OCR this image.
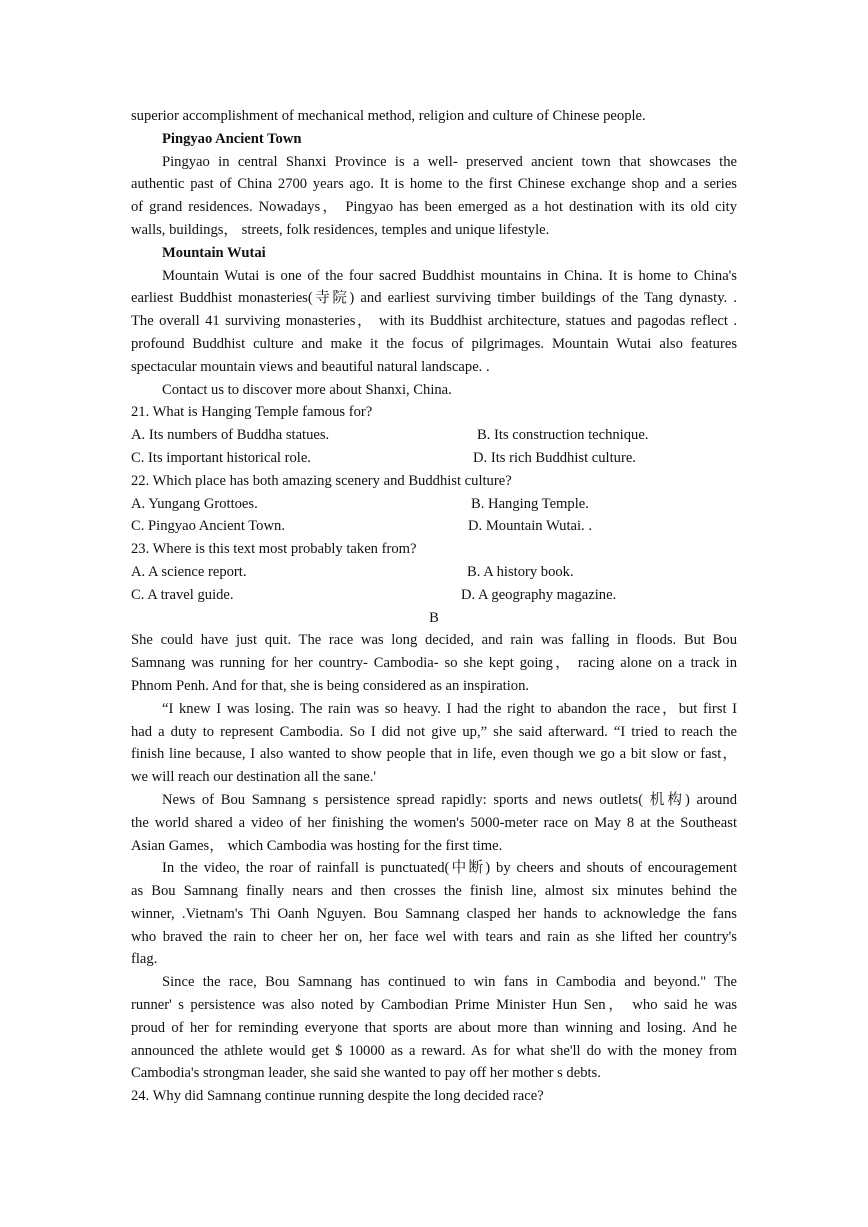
superior accomplishment of mechanical method, religion and culture of Chinese people.
Pingyao Ancient Town
Pingyao in central Shanxi Province is a well- preserved ancient town that showcases the
authentic past of China 2700 years ago. It is home to the first Chinese exchange shop and a series
of grand residences. Nowadays， Pingyao has been emerged as a hot destination with its old city
walls, buildings， streets, folk residences, temples and unique lifestyle.
Mountain Wutai
Mountain Wutai is one of the four sacred Buddhist mountains in China. It is home to China's
earliest Buddhist monasteries(寺院) and earliest surviving timber buildings of the Tang dynasty. .
The overall 41 surviving monasteries， with its Buddhist architecture, statues and pagodas reflect .
profound Buddhist culture and make it the focus of pilgrimages. Mountain Wutai also features
spectacular mountain views and beautiful natural landscape. .
Contact us to discover more about Shanxi, China.
21. What is Hanging Temple famous for?
A. Its numbers of Buddha statues.	B. Its construction technique.
C. Its important historical role.	D. Its rich Buddhist culture.
22. Which place has both amazing scenery and Buddhist culture?
A. Yungang Grottoes.	B. Hanging Temple.
C. Pingyao Ancient Town.	D. Mountain Wutai. .
23. Where is this text most probably taken from?
A. A science report.	B. A history book.
C. A travel guide.	D. A geography magazine.
B
She could have just quit. The race was long decided, and rain was falling in floods. But Bou
Samnang was running for her country- Cambodia- so she kept going， racing alone on a track in
Phnom Penh. And for that, she is being considered as an inspiration.
“I knew I was losing. The rain was so heavy. I had the right to abandon the race，but first I
had a duty to represent Cambodia. So I did not give up,” she said afterward. “I tried to reach the
finish line because, I also wanted to show people that in life, even though we go a bit slow or fast，
we will reach our destination all the sane.'
News of Bou Samnang s persistence spread rapidly: sports and news outlets( 机构) around
the world shared a video of her finishing the women's 5000-meter race on May 8 at the Southeast
Asian Games， which Cambodia was hosting for the first time.
In the video, the roar of rainfall is punctuated(中断) by cheers and shouts of encouragement
as Bou Samnang finally nears and then crosses the finish line, almost six minutes behind the
winner, .Vietnam's Thi Oanh Nguyen. Bou Samnang clasped her hands to acknowledge the fans
who braved the rain to cheer her on, her face wel with tears and rain as she lifted her country's
flag.
Since the race, Bou Samnang has continued to win fans in Cambodia and beyond." The
runner' s persistence was also noted by Cambodian Prime Minister Hun Sen， who said he was
proud of her for reminding everyone that sports are about more than winning and losing. And he
announced the athlete would get $ 10000 as a reward. As for what she'll do with the money from
Cambodia's strongman leader, she said she wanted to pay off her mother s debts.
24. Why did Samnang continue running despite the long decided race?
